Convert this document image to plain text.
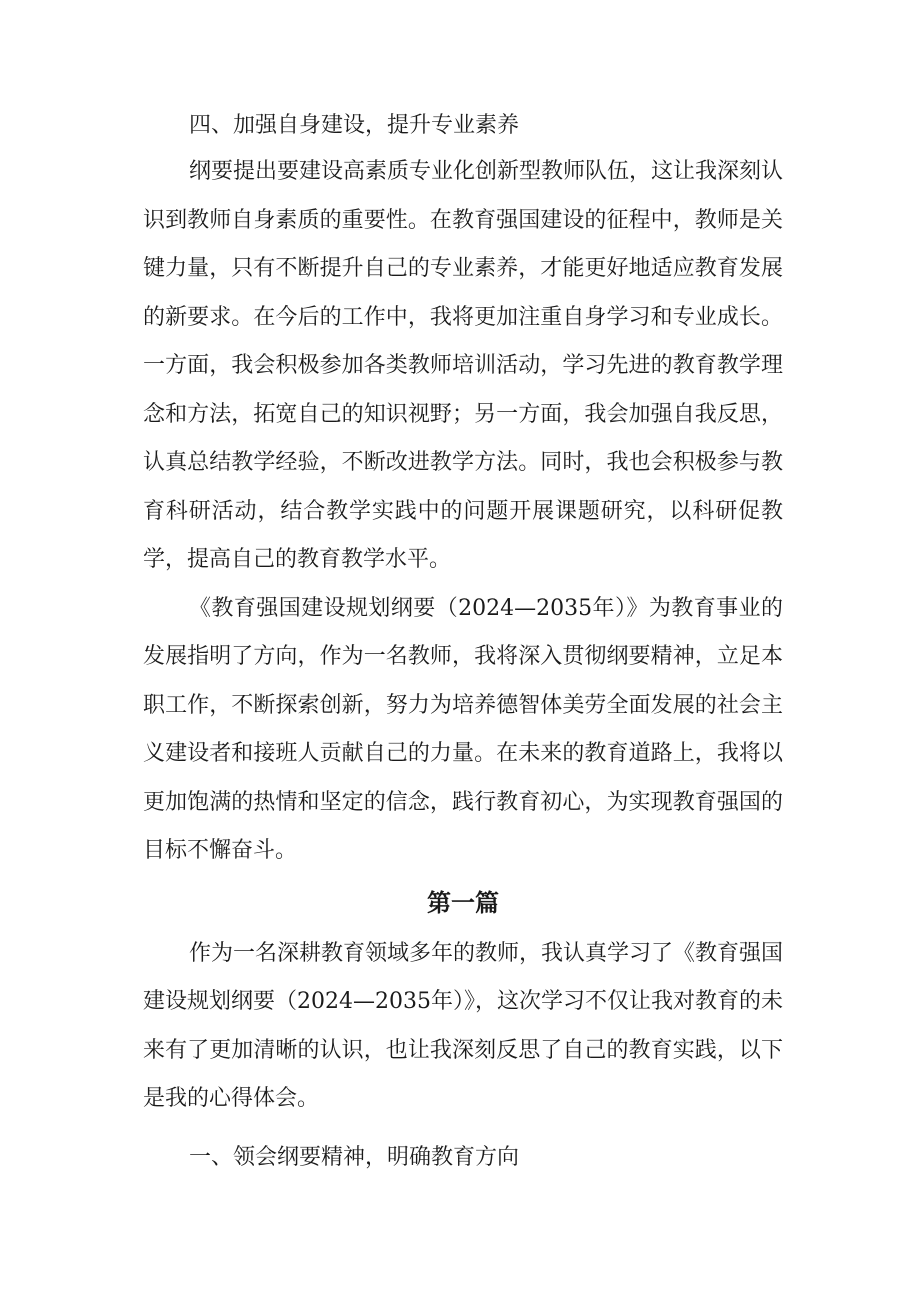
四、加强自身建设，提升专业素养

纲要提出要建设高素质专业化创新型教师队伍，这让我深刻认识到教师自身素质的重要性。在教育强国建设的征程中，教师是关键力量，只有不断提升自己的专业素养，才能更好地适应教育发展的新要求。在今后的工作中，我将更加注重自身学习和专业成长。一方面，我会积极参加各类教师培训活动，学习先进的教育教学理念和方法，拓宽自己的知识视野；另一方面，我会加强自我反思，认真总结教学经验，不断改进教学方法。同时，我也会积极参与教育科研活动，结合教学实践中的问题开展课题研究，以科研促教学，提高自己的教育教学水平。

《教育强国建设规划纲要（2024—2035年）》为教育事业的发展指明了方向，作为一名教师，我将深入贯彻纲要精神，立足本职工作，不断探索创新，努力为培养德智体美劳全面发展的社会主义建设者和接班人贡献自己的力量。在未来的教育道路上，我将以更加饱满的热情和坚定的信念，践行教育初心，为实现教育强国的目标不懈奋斗。

第一篇

作为一名深耕教育领域多年的教师，我认真学习了《教育强国建设规划纲要（2024—2035年）》，这次学习不仅让我对教育的未来有了更加清晰的认识，也让我深刻反思了自己的教育实践，以下是我的心得体会。

一、领会纲要精神，明确教育方向
